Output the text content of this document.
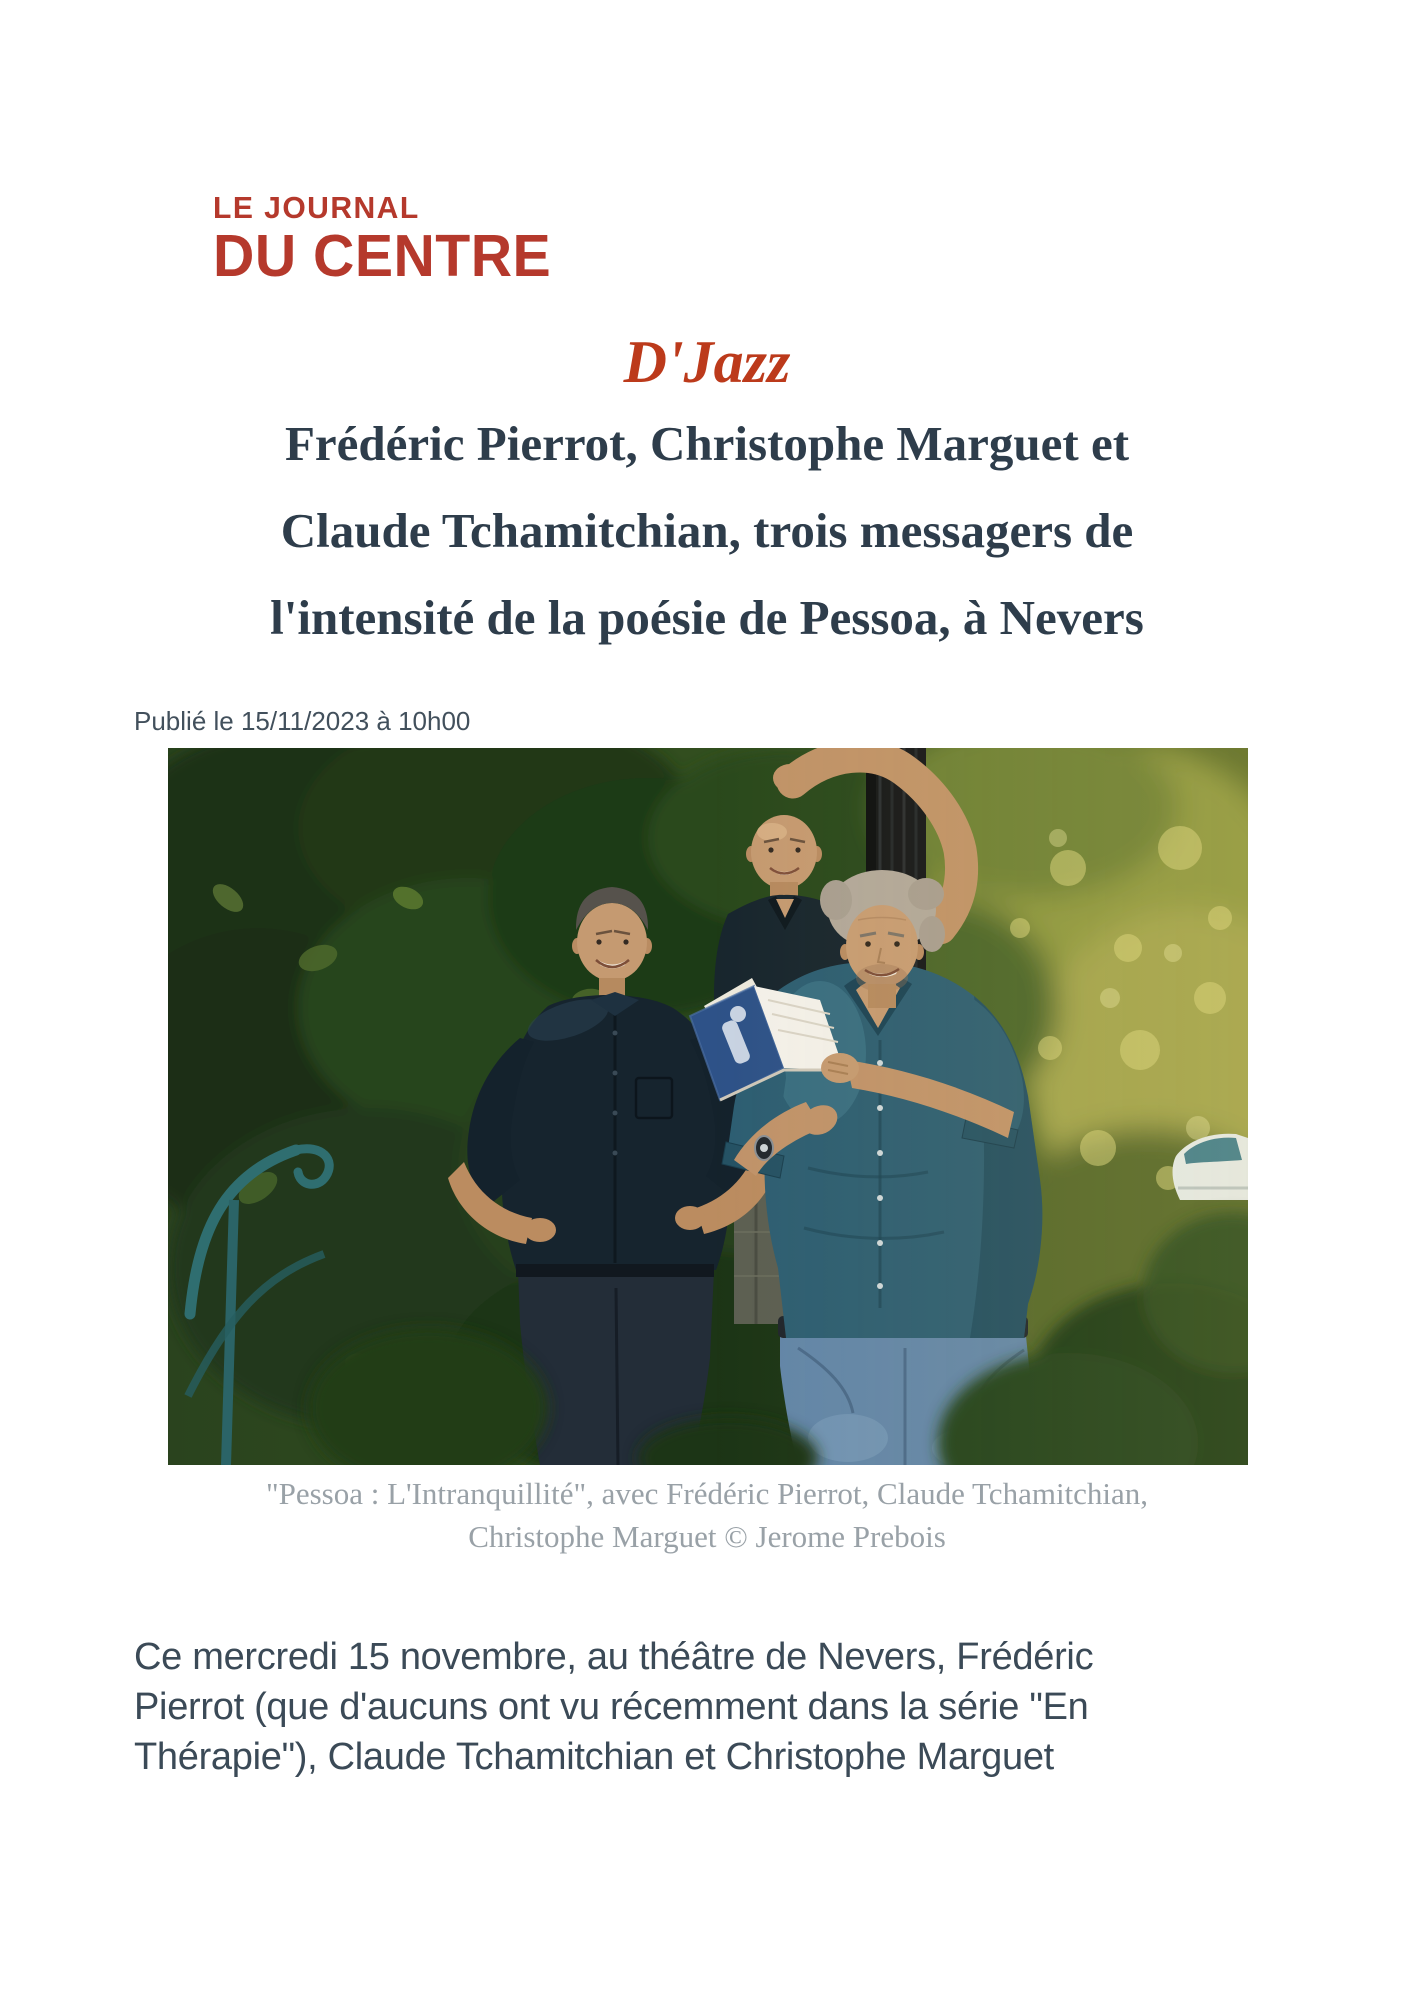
LE JOURNAL
DU CENTRE
D'Jazz
Frédéric Pierrot, Christophe Marguet et
Claude Tchamitchian, trois messagers de
l'intensité de la poésie de Pessoa, à Nevers
Publié le 15/11/2023 à 10h00
"Pessoa : L'Intranquillité", avec Frédéric Pierrot, Claude Tchamitchian,
Christophe Marguet © Jerome Prebois
Ce mercredi 15 novembre, au théâtre de Nevers, Frédéric
Pierrot (que d'aucuns ont vu récemment dans la série "En
Thérapie"), Claude Tchamitchian et Christophe Marguet
